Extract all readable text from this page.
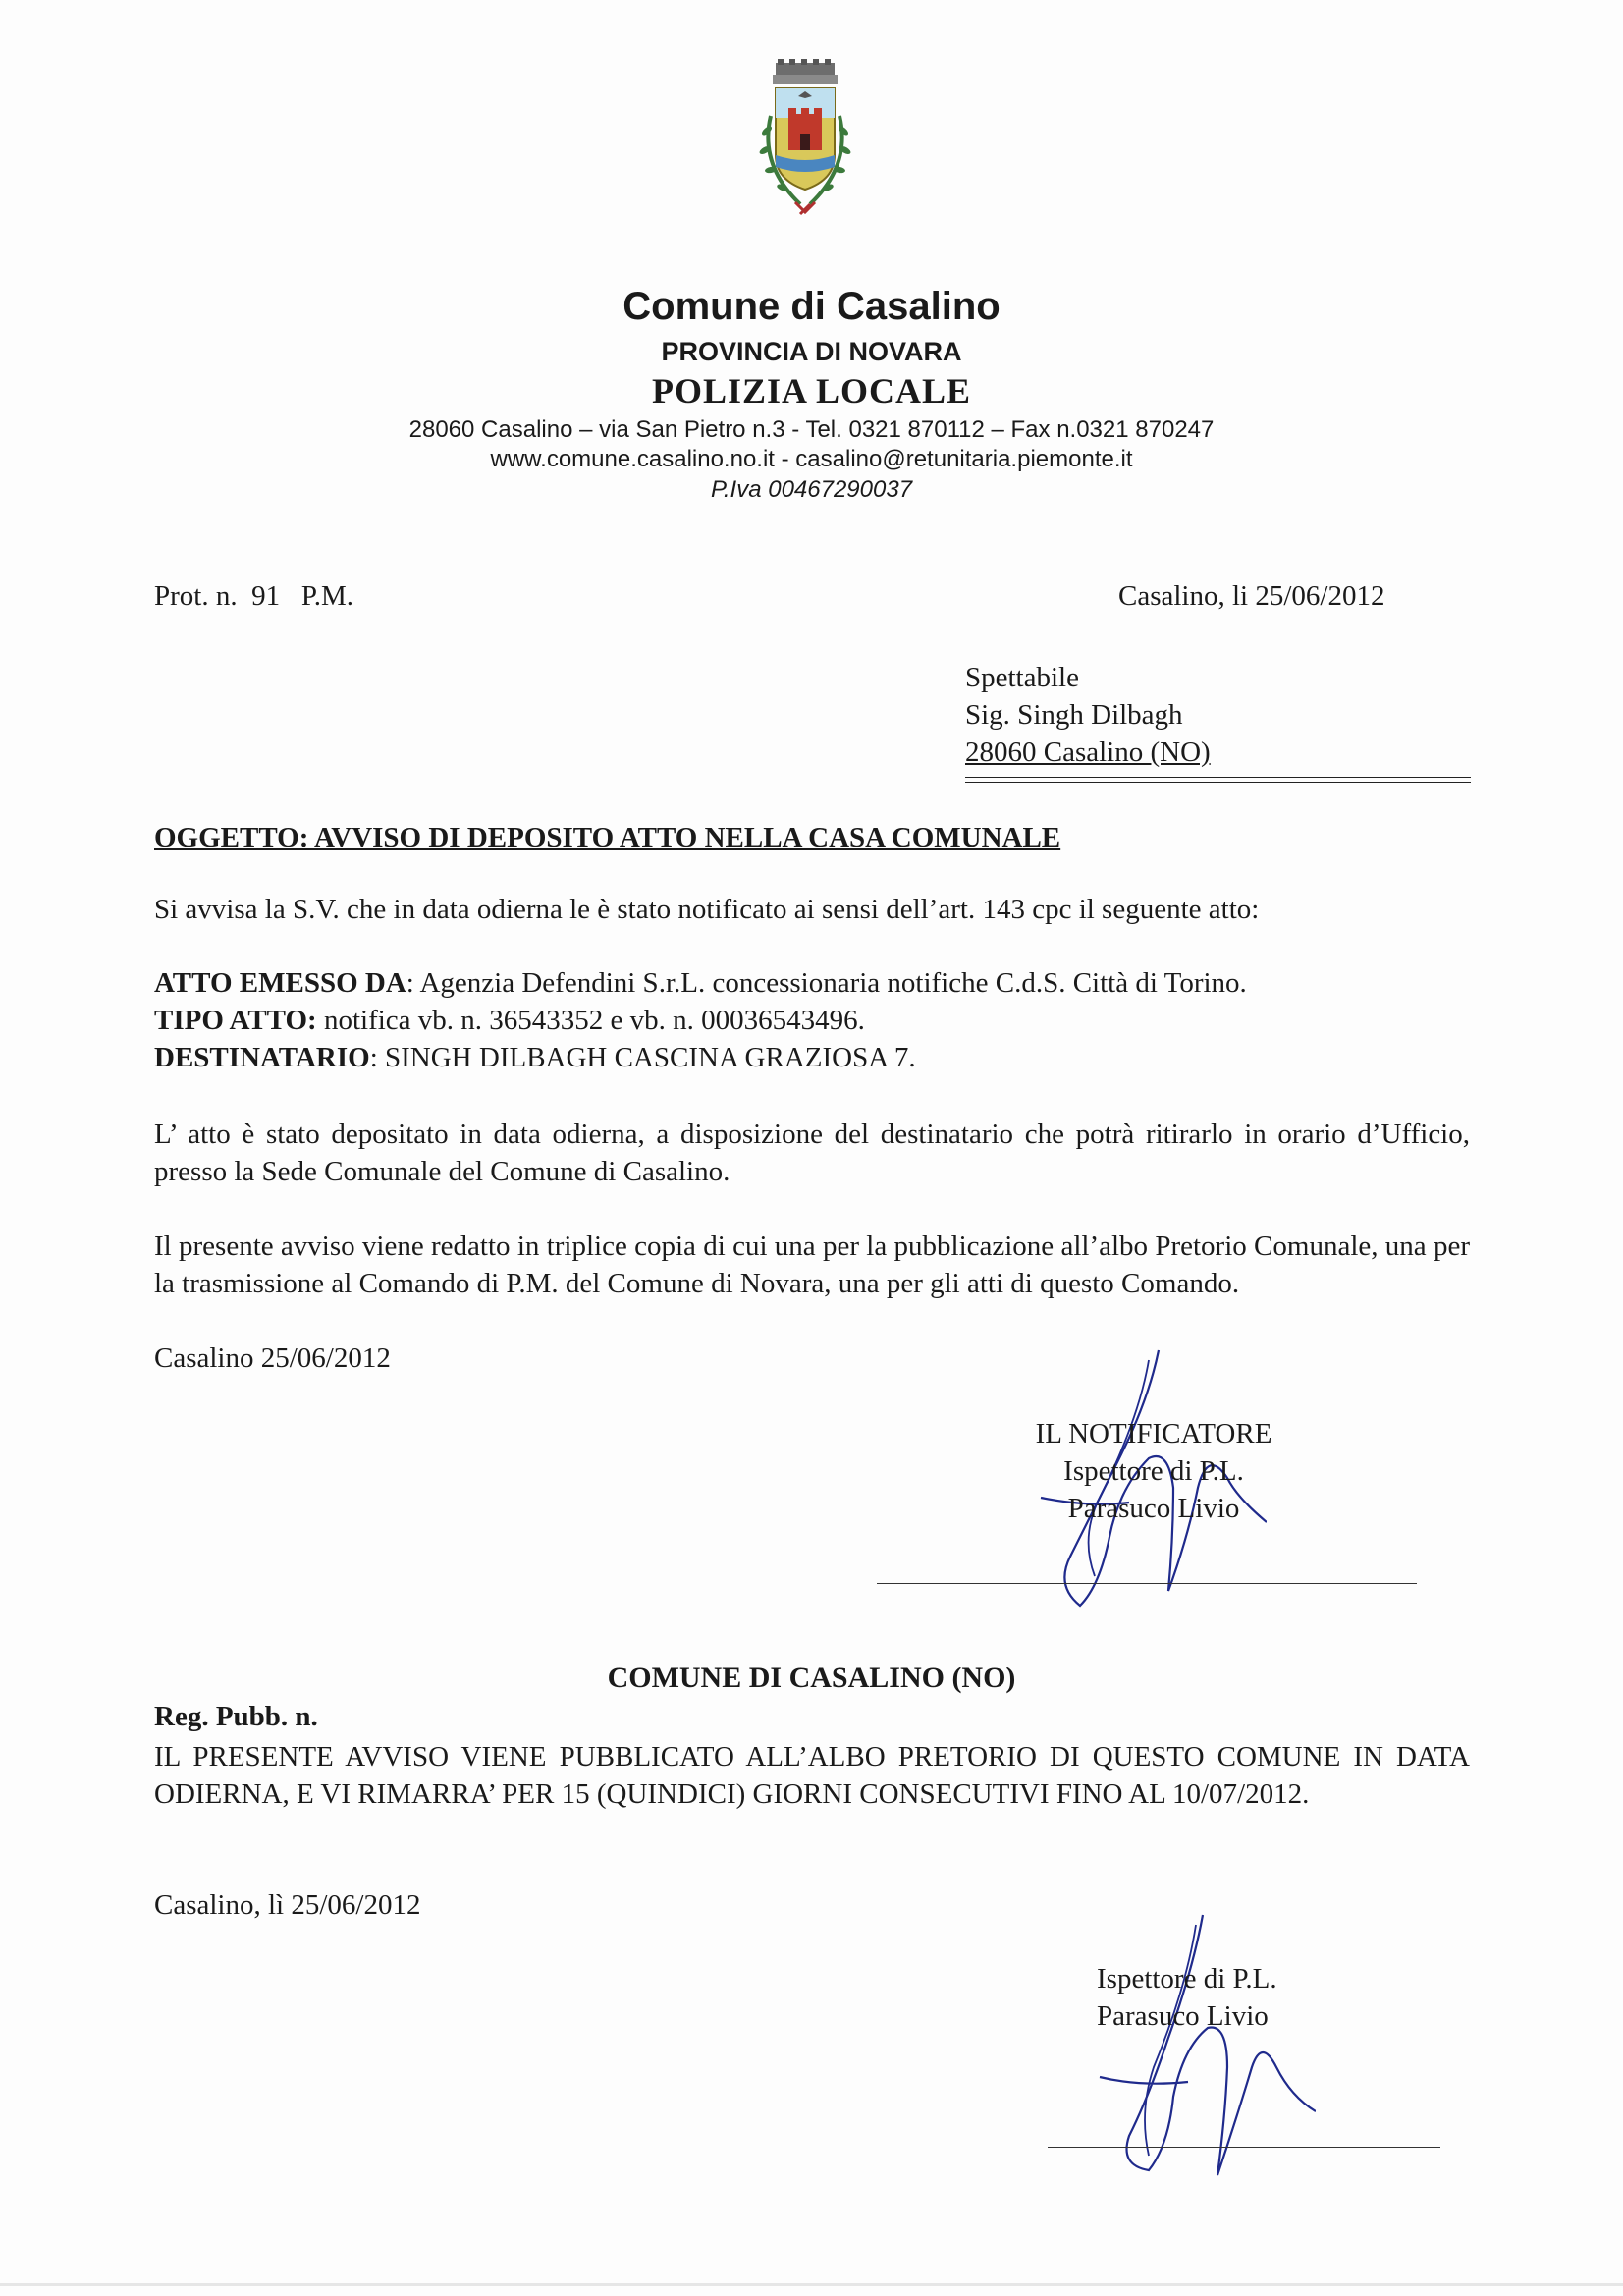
Comune di Casalino
PROVINCIA DI NOVARA
POLIZIA LOCALE
28060 Casalino – via San Pietro n.3 - Tel. 0321 870112 – Fax n.0321 870247
www.comune.casalino.no.it - casalino@retunitaria.piemonte.it
P.Iva 00467290037
Prot. n.  91   P.M.	Casalino, li 25/06/2012
Spettabile
Sig. Singh Dilbagh
28060 Casalino (NO)
OGGETTO: AVVISO DI DEPOSITO ATTO NELLA CASA COMUNALE
Si avvisa la S.V. che in data odierna le è stato notificato ai sensi dell’art. 143 cpc il seguente atto:
ATTO EMESSO DA: Agenzia Defendini S.r.L. concessionaria notifiche C.d.S. Città di Torino.
TIPO ATTO: notifica vb. n. 36543352 e vb. n. 00036543496.
DESTINATARIO: SINGH DILBAGH CASCINA GRAZIOSA 7.
L’ atto è stato depositato in data odierna, a disposizione del destinatario che potrà ritirarlo in orario d’Ufficio, presso la Sede Comunale del Comune di Casalino.
Il presente avviso viene redatto in triplice copia di cui una per la pubblicazione all’albo Pretorio Comunale, una per la trasmissione al Comando di P.M. del Comune di Novara, una per gli atti di questo Comando.
Casalino 25/06/2012
IL NOTIFICATORE
Ispettore di P.L.
Parasuco Livio
COMUNE DI CASALINO (NO)
Reg. Pubb. n.
IL PRESENTE AVVISO VIENE PUBBLICATO ALL’ALBO PRETORIO DI QUESTO COMUNE IN DATA ODIERNA, E VI RIMARRA’ PER 15 (QUINDICI) GIORNI CONSECUTIVI FINO AL 10/07/2012.
Casalino, lì 25/06/2012
Ispettore di P.L.
Parasuco Livio
